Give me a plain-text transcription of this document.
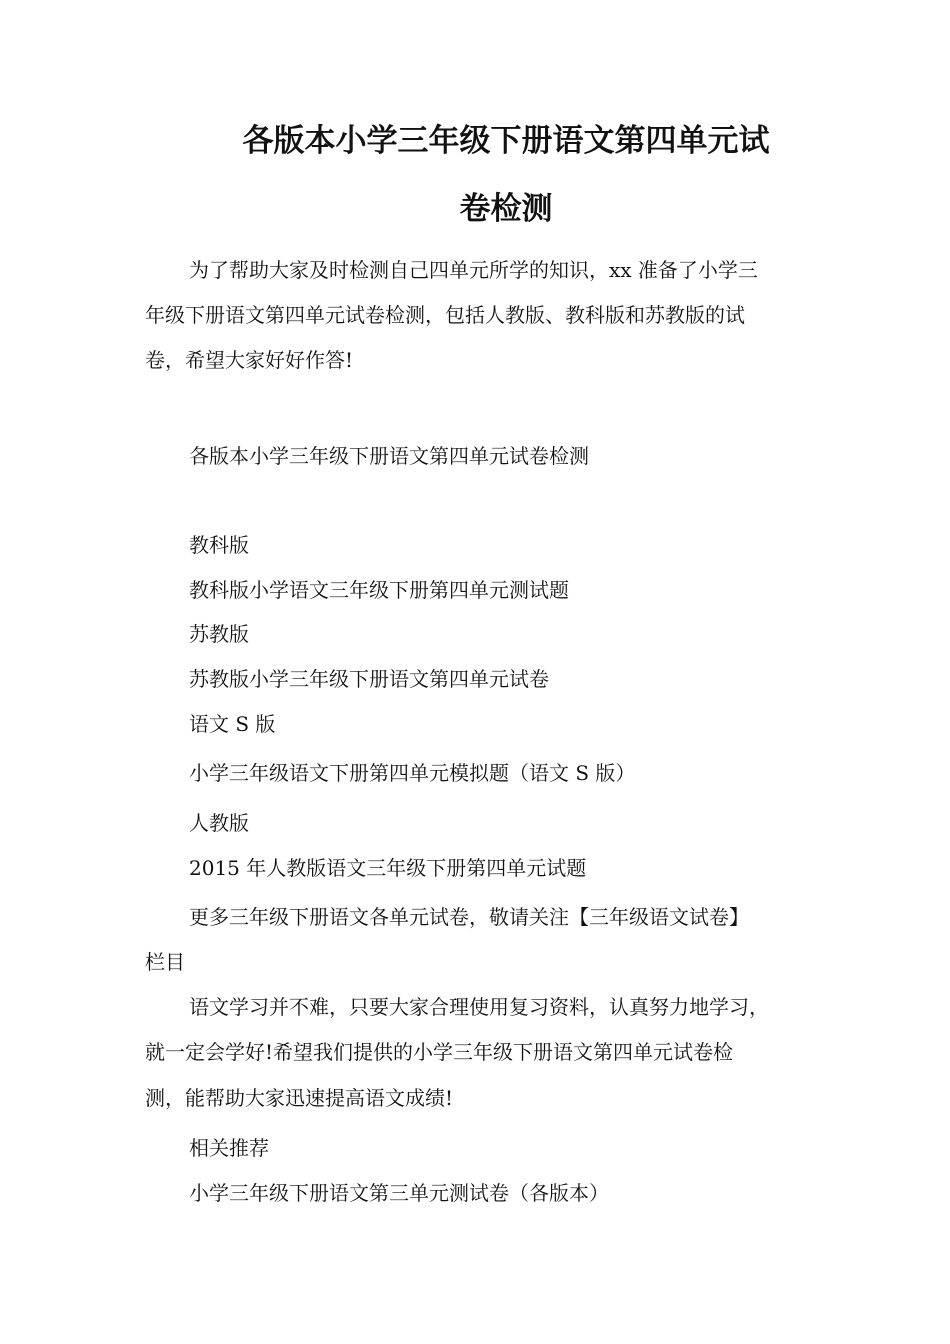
各版本小学三年级下册语文第四单元试
卷检测
为了帮助大家及时检测自己四单元所学的知识，xx 准备了小学三
年级下册语文第四单元试卷检测，包括人教版、教科版和苏教版的试
卷，希望大家好好作答!
各版本小学三年级下册语文第四单元试卷检测
教科版
教科版小学语文三年级下册第四单元测试题
苏教版
苏教版小学三年级下册语文第四单元试卷
语文 S 版
小学三年级语文下册第四单元模拟题（语文 S 版）
人教版
2015 年人教版语文三年级下册第四单元试题
更多三年级下册语文各单元试卷，敬请关注【三年级语文试卷】
栏目
语文学习并不难，只要大家合理使用复习资料，认真努力地学习，
就一定会学好!希望我们提供的小学三年级下册语文第四单元试卷检
测，能帮助大家迅速提高语文成绩!
相关推荐
小学三年级下册语文第三单元测试卷（各版本）
